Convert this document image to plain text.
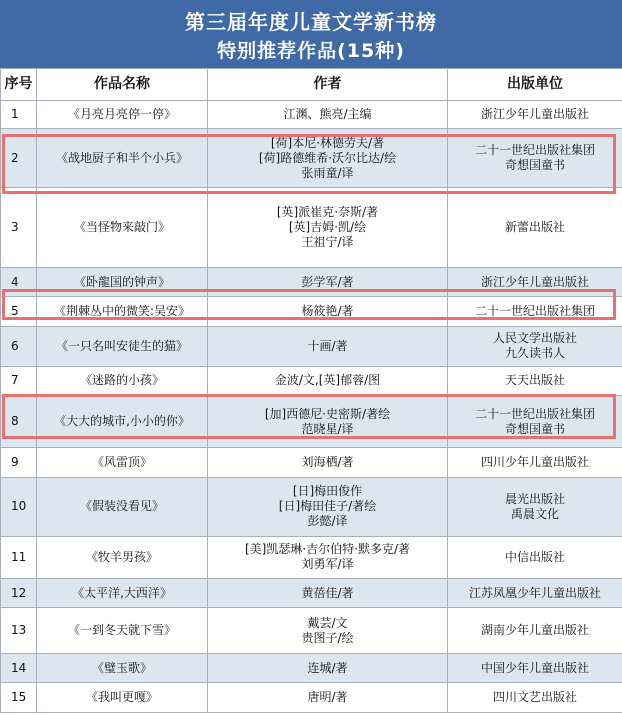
第三届年度儿童文学新书榜
特别推荐作品(15种)
序号	作品名称	作者	出版单位
1	《月亮月亮停一停》	江渊、熊亮/主编	浙江少年儿童出版社

2	《战地厨子和半个小兵》	[荷]本尼·林德劳夫/著
[荷]路德维希·沃尔比达/绘
张雨童/译	二十一世纪出版社集团
奇想国童书

3	《当怪物来敲门》	[英]派崔克·奈斯/著
[英]吉姆·凯/绘
王祖宁/译	新蕾出版社

4	《卧龍国的钟声》	彭学军/著	浙江少年儿童出版社

5	《荆棘丛中的微笑:吴安》	杨筱艳/著	二十一世纪出版社集团

6	《一只名叫安徒生的猫》	十画/著	人民文学出版社
九久读书人

7	《迷路的小孩》	金波/文,[英]郁蓉/图	天天出版社

8	《大大的城市,小小的你》	[加]西德尼·史密斯/著绘
范晓星/译	二十一世纪出版社集团
奇想国童书

9	《风雷顶》	刘海栖/著	四川少年儿童出版社

10	《假装没看见》	[日]梅田俊作
[日]梅田佳子/著绘
彭懿/译	晨光出版社
禹晨文化

11	《牧羊男孩》	[美]凯瑟琳·吉尔伯特·默多克/著
刘勇军/译	中信出版社

12	《太平洋,大西洋》	黄蓓佳/著	江苏凤凰少年儿童出版社

13	《一到冬天就下雪》	戴芸/文
贵图子/绘	湖南少年儿童出版社

14	《璧玉歌》	连城/著	中国少年儿童出版社

15	《我叫更嘎》	唐明/著	四川文艺出版社
